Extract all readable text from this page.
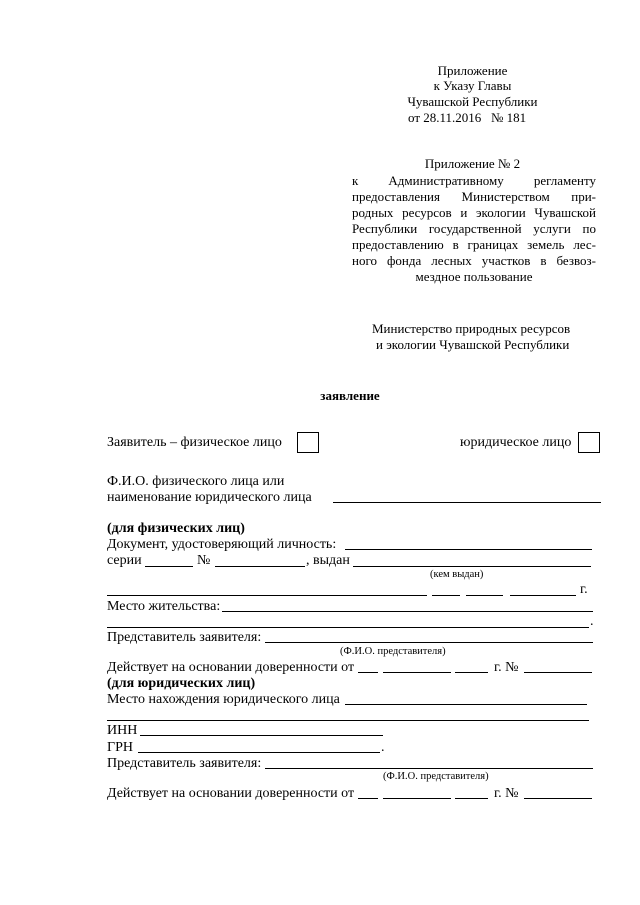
Приложение
к Указу Главы
Чувашской Республики
от 28.11.2016 № 181
Приложение № 2
к Административному регламенту
предоставления Министерством при-
родных ресурсов и экологии Чувашской
Республики государственной услуги по
предоставлению в границах земель лес-
ного фонда лесных участков в безвоз-
мездное пользование
Министерство природных ресурсов
и экологии Чувашской Республики
заявление
Заявитель – физическое лицо	юридическое лицо
Ф.И.О. физического лица или
наименование юридического лица
(для физических лиц)
Документ, удостоверяющий личность:
серии	№	, выдан
(кем выдан)
г.
Место жительства:
.
Представитель заявителя:
(Ф.И.О. представителя)
Действует на основании доверенности от	г. №
(для юридических лиц)
Место нахождения юридического лица
ИНН
ГРН	.
Представитель заявителя:
(Ф.И.О. представителя)
Действует на основании доверенности от	г. №
